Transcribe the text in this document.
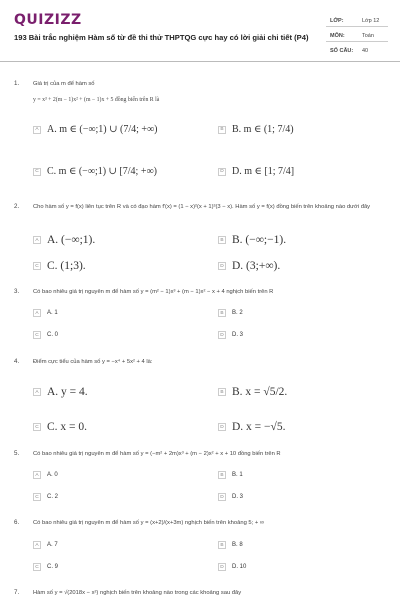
QUIZIZZ
193 Bài trắc nghiệm Hàm số từ đề thi thử THPTQG cực hay có lời giải chi tiết (P4)
LỚP:	Lớp 12
MÔN:	Toán
SỐ CÂU: 40
1. Giá trị của m để hàm số
y = x³ + 2(m − 1)x² + (m − 1)x + 5 đồng biến trên R là
A A. m ∈ (−∞;1) ∪ (7/4; +∞)	B B. m ∈ (1; 7/4)
C C. m ∈ (−∞;1) ∪ [7/4; +∞)	D D. m ∈ [1; 7/4]
2. Cho hàm số y = f(x) liên tục trên R và có đạo hàm f′(x) = (1 − x)²(x + 1)³(3 − x). Hàm số y = f(x) đồng biến trên khoảng nào dưới đây
A A. (−∞;1).	B B. (−∞;−1).
C C. (1;3).	D D. (3;+∞).
3. Có bao nhiêu giá trị nguyên m để hàm số y = (m² − 1)x³ + (m − 1)x² − x + 4 nghịch biến trên R
A	A. 1	B	B. 2
C	C. 0	D	D. 3
4. Điểm cực tiểu của hàm số y = −x⁴ + 5x² + 4 là:
A A. y = 4.	B B. x = √5/2.
C C. x = 0.	D D. x = −√5.
5. Có bao nhiêu giá trị nguyên m để hàm số y = (−m² + 2m)x³ + (m − 2)x² + x + 10 đồng biến trên R
A	A. 0	B	B. 1
C	C. 2	D	D. 3
6. Có bao nhiêu giá trị nguyên m để hàm số y = (x+2)/(x+3m) nghịch biến trên khoảng 5; + ∞
A	A. 7	B	B. 8
C	C. 9	D	D. 10
7. Hàm số y = √(2018x − x²) nghịch biến trên khoảng nào trong các khoảng sau đây
